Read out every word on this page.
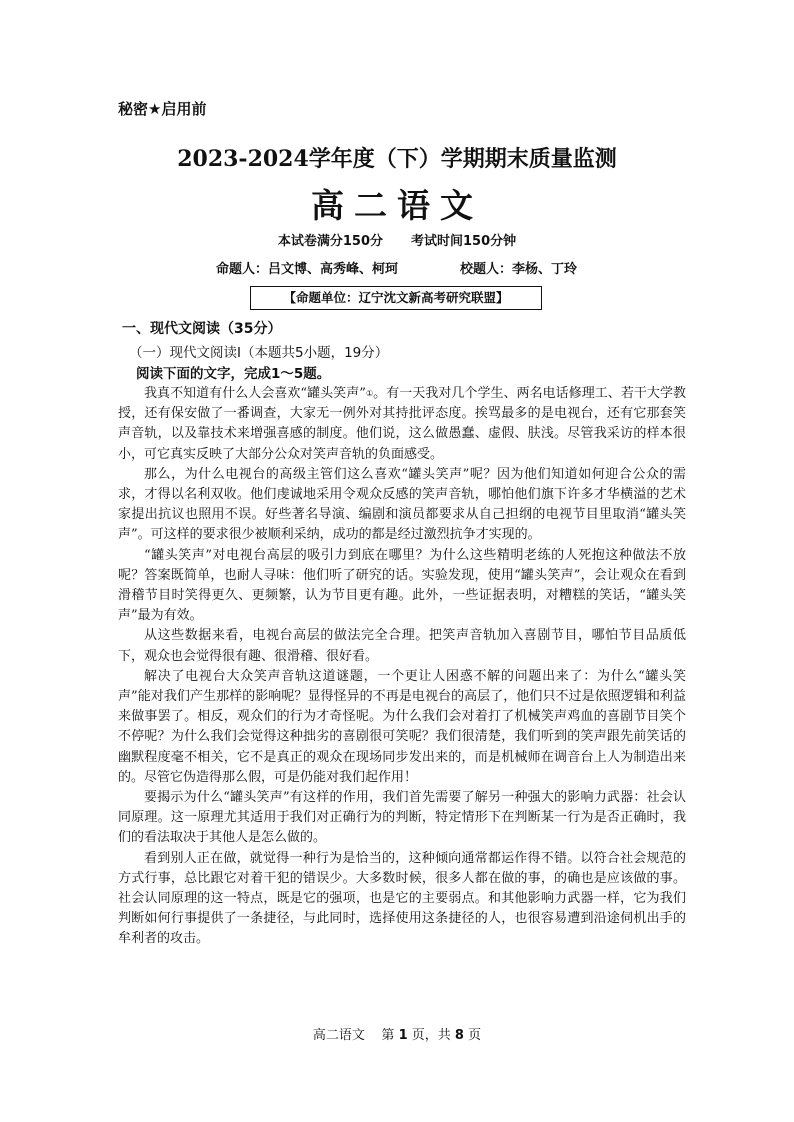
秘密★启用前
2023-2024学年度（下）学期期末质量监测
高二语文
本试卷满分150分 考试时间150分钟
命题人：吕文博、高秀峰、柯珂	校题人：李杨、丁玲
【命题单位：辽宁沈文新高考研究联盟】
一、现代文阅读（35分）
（一）现代文阅读Ⅰ（本题共5小题，19分）
阅读下面的文字，完成1～5题。

我真不知道有什么人会喜欢“罐头笑声”①。有一天我对几个学生、两名电话修理工、若干大学教授，还有保安做了一番调查，大家无一例外对其持批评态度。挨骂最多的是电视台，还有它那套笑声音轨，以及靠技术来增强喜感的制度。他们说，这么做愚蠢、虚假、肤浅。尽管我采访的样本很小，可它真实反映了大部分公众对笑声音轨的负面感受。

那么，为什么电视台的高级主管们这么喜欢“罐头笑声”呢？因为他们知道如何迎合公众的需求，才得以名利双收。他们虔诚地采用令观众反感的笑声音轨，哪怕他们旗下许多才华横溢的艺术家提出抗议也照用不误。好些著名导演、编剧和演员都要求从自己担纲的电视节目里取消“罐头笑声”。可这样的要求很少被顺利采纳，成功的都是经过激烈抗争才实现的。

“罐头笑声”对电视台高层的吸引力到底在哪里？为什么这些精明老练的人死抱这种做法不放呢？答案既简单，也耐人寻味：他们听了研究的话。实验发现，使用“罐头笑声”，会让观众在看到滑稽节目时笑得更久、更频繁，认为节目更有趣。此外，一些证据表明，对糟糕的笑话，“罐头笑声”最为有效。

从这些数据来看，电视台高层的做法完全合理。把笑声音轨加入喜剧节目，哪怕节目品质低下，观众也会觉得很有趣、很滑稽、很好看。

解决了电视台大众笑声音轨这道谜题，一个更让人困惑不解的问题出来了：为什么“罐头笑声”能对我们产生那样的影响呢？显得怪异的不再是电视台的高层了，他们只不过是依照逻辑和利益来做事罢了。相反，观众们的行为才奇怪呢。为什么我们会对着打了机械笑声鸡血的喜剧节目笑个不停呢？为什么我们会觉得这种拙劣的喜剧很可笑呢？我们很清楚，我们听到的笑声跟先前笑话的幽默程度毫不相关，它不是真正的观众在现场同步发出来的，而是机械师在调音台上人为制造出来的。尽管它伪造得那么假，可是仍能对我们起作用！

要揭示为什么“罐头笑声”有这样的作用，我们首先需要了解另一种强大的影响力武器：社会认同原理。这一原理尤其适用于我们对正确行为的判断，特定情形下在判断某一行为是否正确时，我们的看法取决于其他人是怎么做的。

看到别人正在做，就觉得一种行为是恰当的，这种倾向通常都运作得不错。以符合社会规范的方式行事，总比跟它对着干犯的错误少。大多数时候，很多人都在做的事，的确也是应该做的事。社会认同原理的这一特点，既是它的强项，也是它的主要弱点。和其他影响力武器一样，它为我们判断如何行事提供了一条捷径，与此同时，选择使用这条捷径的人，也很容易遭到沿途伺机出手的牟利者的攻击。

高二语文 第 1 页，共 8 页
